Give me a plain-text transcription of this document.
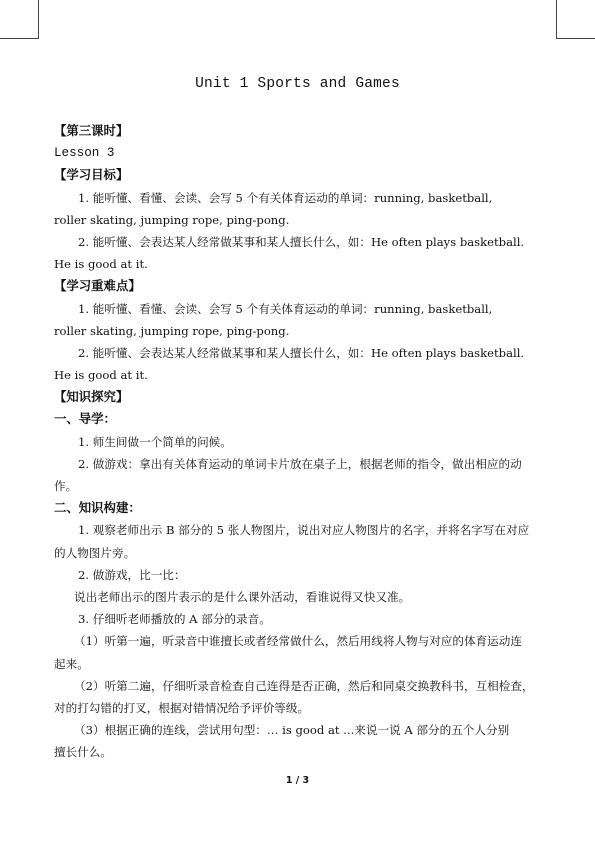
Unit 1 Sports and Games
【第三课时】
Lesson 3
【学习目标】
1. 能听懂、看懂、会读、会写 5 个有关体育运动的单词：running, basketball,
roller skating, jumping rope, ping-pong.
2. 能听懂、会表达某人经常做某事和某人擅长什么，如：He often plays basketball.
He is good at it.
【学习重难点】
1. 能听懂、看懂、会读、会写 5 个有关体育运动的单词：running, basketball,
roller skating, jumping rope, ping-pong.
2. 能听懂、会表达某人经常做某事和某人擅长什么，如：He often plays basketball.
He is good at it.
【知识探究】
一、导学：
1. 师生间做一个简单的问候。
2. 做游戏：拿出有关体育运动的单词卡片放在桌子上，根据老师的指令，做出相应的动
作。
二、知识构建：
1. 观察老师出示 B 部分的 5 张人物图片，说出对应人物图片的名字，并将名字写在对应
的人物图片旁。
2. 做游戏，比一比：
说出老师出示的图片表示的是什么课外活动，看谁说得又快又准。
3. 仔细听老师播放的 A 部分的录音。
（1）听第一遍，听录音中谁擅长或者经常做什么，然后用线将人物与对应的体育运动连
起来。
（2）听第二遍，仔细听录音检查自己连得是否正确，然后和同桌交换教科书，互相检查，
对的打勾错的打叉，根据对错情况给予评价等级。
（3）根据正确的连线，尝试用句型：… is good at ...来说一说 A 部分的五个人分别
擅长什么。
1 / 3
